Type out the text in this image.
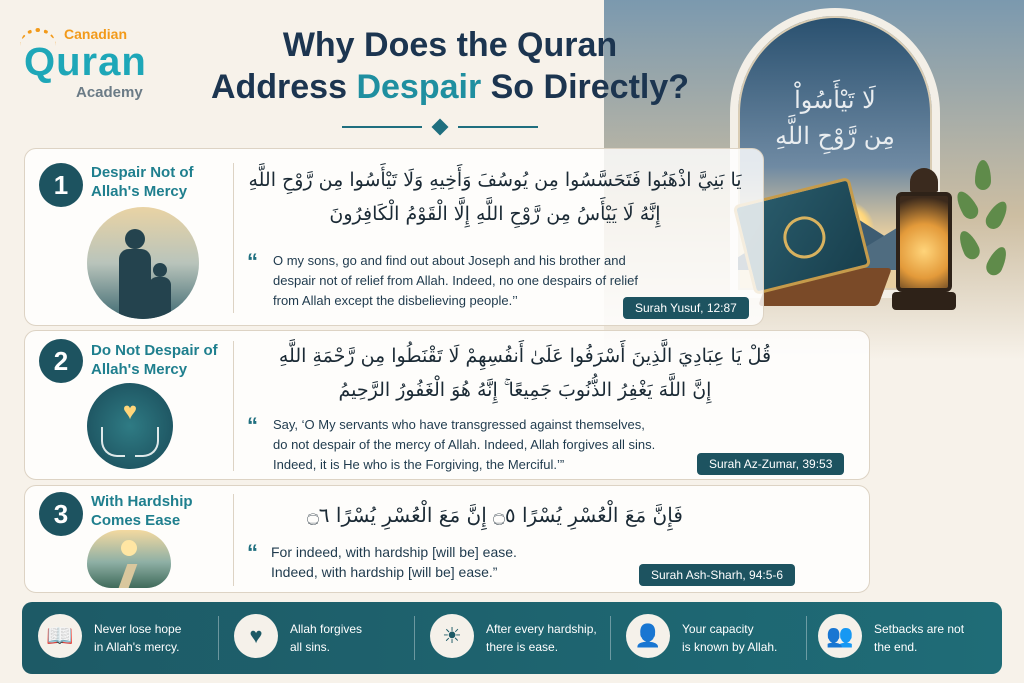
لَا تَيْأَسُواْ
مِن رَّوْحِ اللَّهِ
Canadian
Quran
Academy
Why Does the Quran
Address Despair So Directly?
1	Despair Not of Allah's Mercy
يَا بَنِيَّ اذْهَبُوا فَتَحَسَّسُوا مِن يُوسُفَ وَأَخِيهِ وَلَا تَيْأَسُوا مِن رَّوْحِ اللَّهِ
إِنَّهُ لَا يَيْأَسُ مِن رَّوْحِ اللَّهِ إِلَّا الْقَوْمُ الْكَافِرُونَ
“ O my sons, go and find out about Joseph and his brother and
despair not of relief from Allah. Indeed, no one despairs of relief
from Allah except the disbelieving people.’’	Surah Yusuf, 12:87
2	Do Not Despair of Allah's Mercy
♥
قُلْ يَا عِبَادِيَ الَّذِينَ أَسْرَفُوا عَلَىٰ أَنفُسِهِمْ لَا تَقْنَطُوا مِن رَّحْمَةِ اللَّهِ
إِنَّ اللَّهَ يَغْفِرُ الذُّنُوبَ جَمِيعًا ۚ إِنَّهُ هُوَ الْغَفُورُ الرَّحِيمُ
“ Say, ‘O My servants who have transgressed against themselves,
do not despair of the mercy of Allah. Indeed, Allah forgives all sins.
Indeed, it is He who is the Forgiving, the Merciful.’”	Surah Az-Zumar, 39:53
3	With Hardship Comes Ease	فَإِنَّ مَعَ الْعُسْرِ يُسْرًا ۝٥ إِنَّ مَعَ الْعُسْرِ يُسْرًا ۝٦
“ For indeed, with hardship [will be] ease.
Indeed, with hardship [will be] ease.”	Surah Ash-Sharh, 94:5-6
📖	Never lose hope
in Allah's mercy.	♥	Allah forgives
all sins.	☀	After every hardship,
there is ease.	👤	Your capacity
is known by Allah.	👥	Setbacks are not
the end.
